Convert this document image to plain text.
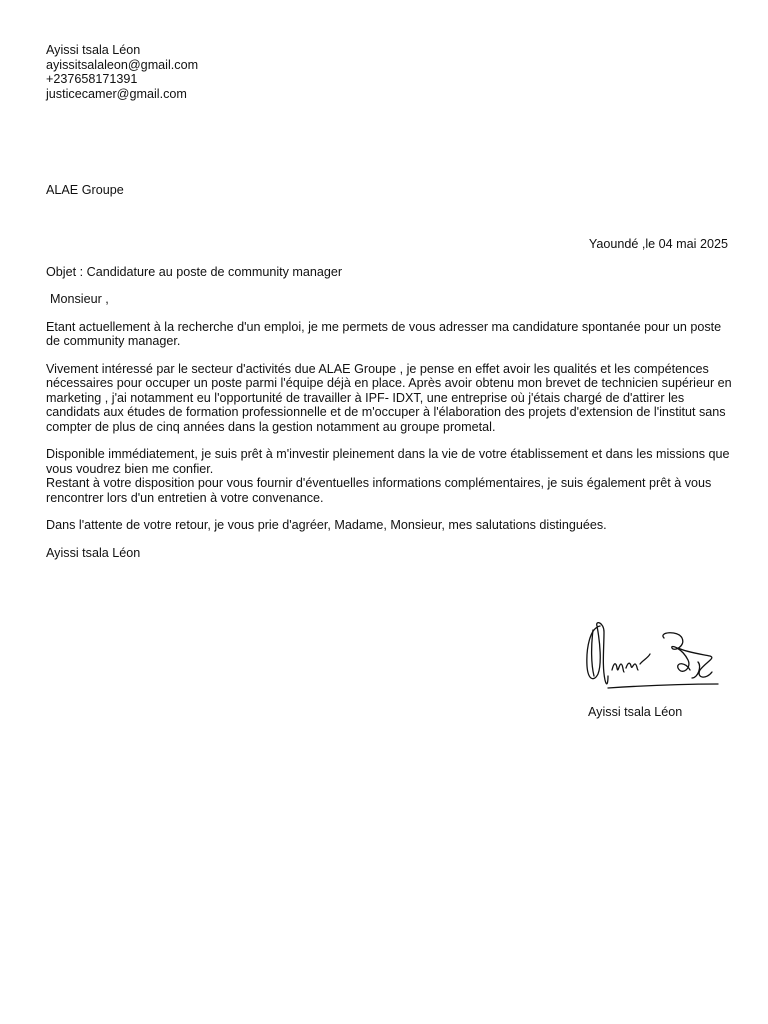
Ayissi tsala Léon
ayissitsalaleon@gmail.com
+237658171391
justicecamer@gmail.com
ALAE Groupe
Yaoundé ,le 04 mai 2025
Objet : Candidature au poste de community manager

Monsieur ,

Etant actuellement à la recherche d'un emploi, je me permets de vous adresser ma candidature spontanée pour un poste de community manager.

Vivement intéressé par le secteur d'activités due ALAE Groupe , je pense en effet avoir les qualités et les compétences nécessaires pour occuper un poste parmi l'équipe déjà en place. Après avoir obtenu mon brevet de technicien supérieur en marketing , j'ai notamment eu l'opportunité de travailler à IPF- IDXT, une entreprise où j'étais chargé de d'attirer les candidats aux études de formation professionnelle et de m'occuper à l'élaboration des projets d'extension de l'institut sans compter de plus de cinq années dans la gestion notamment au groupe prometal.

Disponible immédiatement, je suis prêt à m'investir pleinement dans la vie de votre établissement et dans les missions que vous voudrez bien me confier.

Restant à votre disposition pour vous fournir d'éventuelles informations complémentaires, je suis également prêt à vous rencontrer lors d'un entretien à votre convenance.

Dans l'attente de votre retour, je vous prie d'agréer, Madame, Monsieur, mes salutations distinguées.

Ayissi tsala Léon

Ayissi tsala Léon
